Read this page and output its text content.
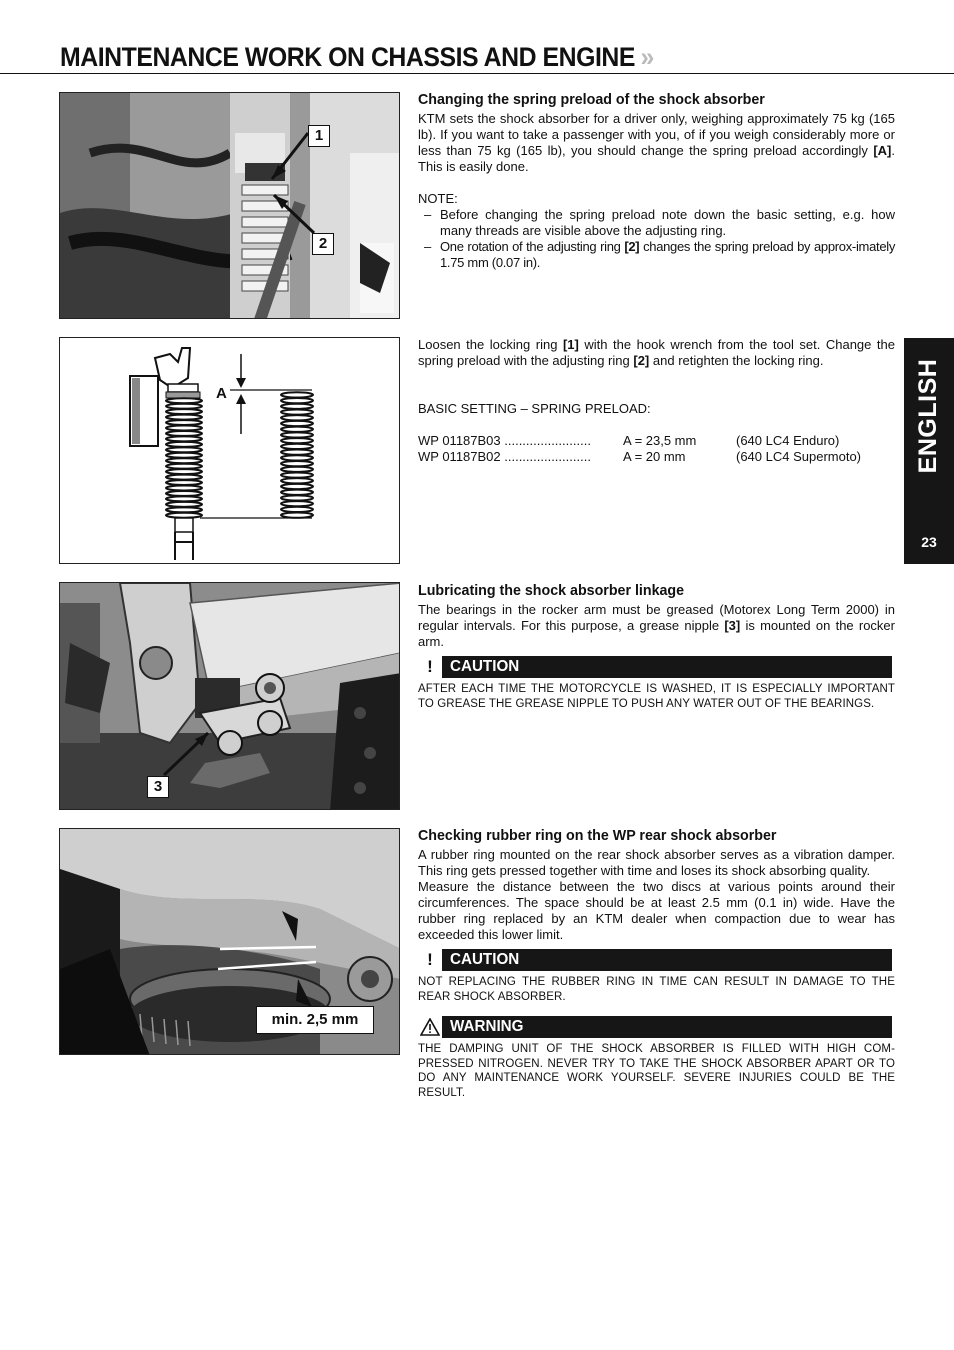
MAINTENANCE WORK ON CHASSIS AND ENGINE »
ENGLISH
23
1
2
Changing the spring preload of the shock absorber

KTM sets the shock absorber for a driver only, weighing approximately 75 kg (165 lb). If you want to take a passenger with you, of if you weigh considerably more or less than 75 kg (165 lb), you should change the spring preload accordingly [A]. This is easily done.

NOTE:

– Before changing the spring preload note down the basic setting, e.g. how many threads are visible above the adjusting ring.
– One rotation of the adjusting ring [2] changes the spring preload by approx-imately 1.75 mm (0.07 in).
A

Loosen the locking ring [1] with the hook wrench from the tool set. Change the spring preload with the adjusting ring [2] and retighten the locking ring.

BASIC SETTING – SPRING PRELOAD:

WP 01187B03 ........................ A = 23,5 mm	(640 LC4 Enduro)
WP 01187B02 ........................ A = 20 mm	(640 LC4 Supermoto)
3
Lubricating the shock absorber linkage

The bearings in the rocker arm must be greased (Motorex Long Term 2000) in regular intervals. For this purpose, a grease nipple [3] is mounted on the rocker arm.

!	CAUTION

AFTER EACH TIME THE MOTORCYCLE IS WASHED, IT IS ESPECIALLY IMPORTANT TO GREASE THE GREASE NIPPLE TO PUSH ANY WATER OUT OF THE BEARINGS.

min. 2,5 mm
Checking rubber ring on the WP rear shock absorber

A rubber ring mounted on the rear shock absorber serves as a vibration damper. This ring gets pressed together with time and loses its shock absorbing quality.

Measure the distance between the two discs at various points around their circumferences. The space should be at least 2.5 mm (0.1 in) wide. Have the rubber ring replaced by an KTM dealer when compaction due to wear has exceeded this lower limit.

!	CAUTION

NOT REPLACING THE RUBBER RING IN TIME CAN RESULT IN DAMAGE TO THE REAR SHOCK ABSORBER.

WARNING

THE DAMPING UNIT OF THE SHOCK ABSORBER IS FILLED WITH HIGH COM-PRESSED NITROGEN. NEVER TRY TO TAKE THE SHOCK ABSORBER APART OR TO DO ANY MAINTENANCE WORK YOURSELF. SEVERE INJURIES COULD BE THE RESULT.
